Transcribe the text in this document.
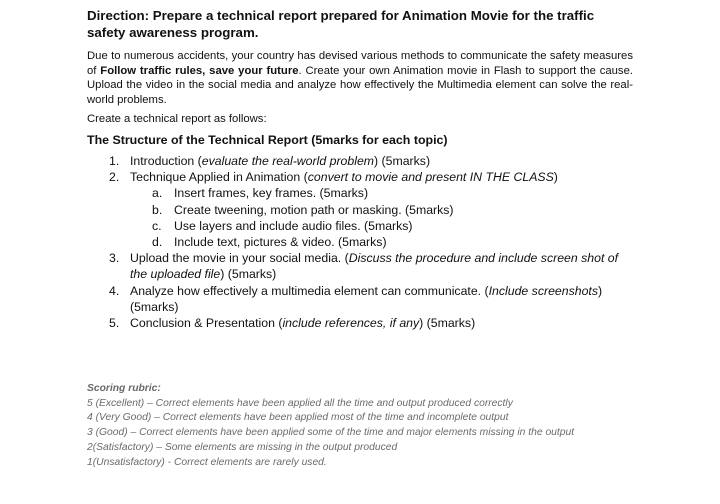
Direction: Prepare a technical report prepared for Animation Movie for the traffic safety awareness program.

Due to numerous accidents, your country has devised various methods to communicate the safety measures of Follow traffic rules, save your future. Create your own Animation movie in Flash to support the cause. Upload the video in the social media and analyze how effectively the Multimedia element can solve the real-world problems.

Create a technical report as follows:

The Structure of the Technical Report (5marks for each topic)

1. Introduction (evaluate the real-world problem) (5marks)
2. Technique Applied in Animation (convert to movie and present IN THE CLASS)
a. Insert frames, key frames. (5marks)
b. Create tweening, motion path or masking. (5marks)
c. Use layers and include audio files. (5marks)
d. Include text, pictures & video. (5marks)
3. Upload the movie in your social media. (Discuss the procedure and include screen shot of the uploaded file) (5marks)
4. Analyze how effectively a multimedia element can communicate. (Include screenshots) (5marks)
5. Conclusion & Presentation (include references, if any) (5marks)
Scoring rubric:
5 (Excellent) – Correct elements have been applied all the time and output produced correctly
4 (Very Good) – Correct elements have been applied most of the time and incomplete output
3 (Good) – Correct elements have been applied some of the time and major elements missing in the output
2(Satisfactory) – Some elements are missing in the output produced
1(Unsatisfactory) - Correct elements are rarely used.
